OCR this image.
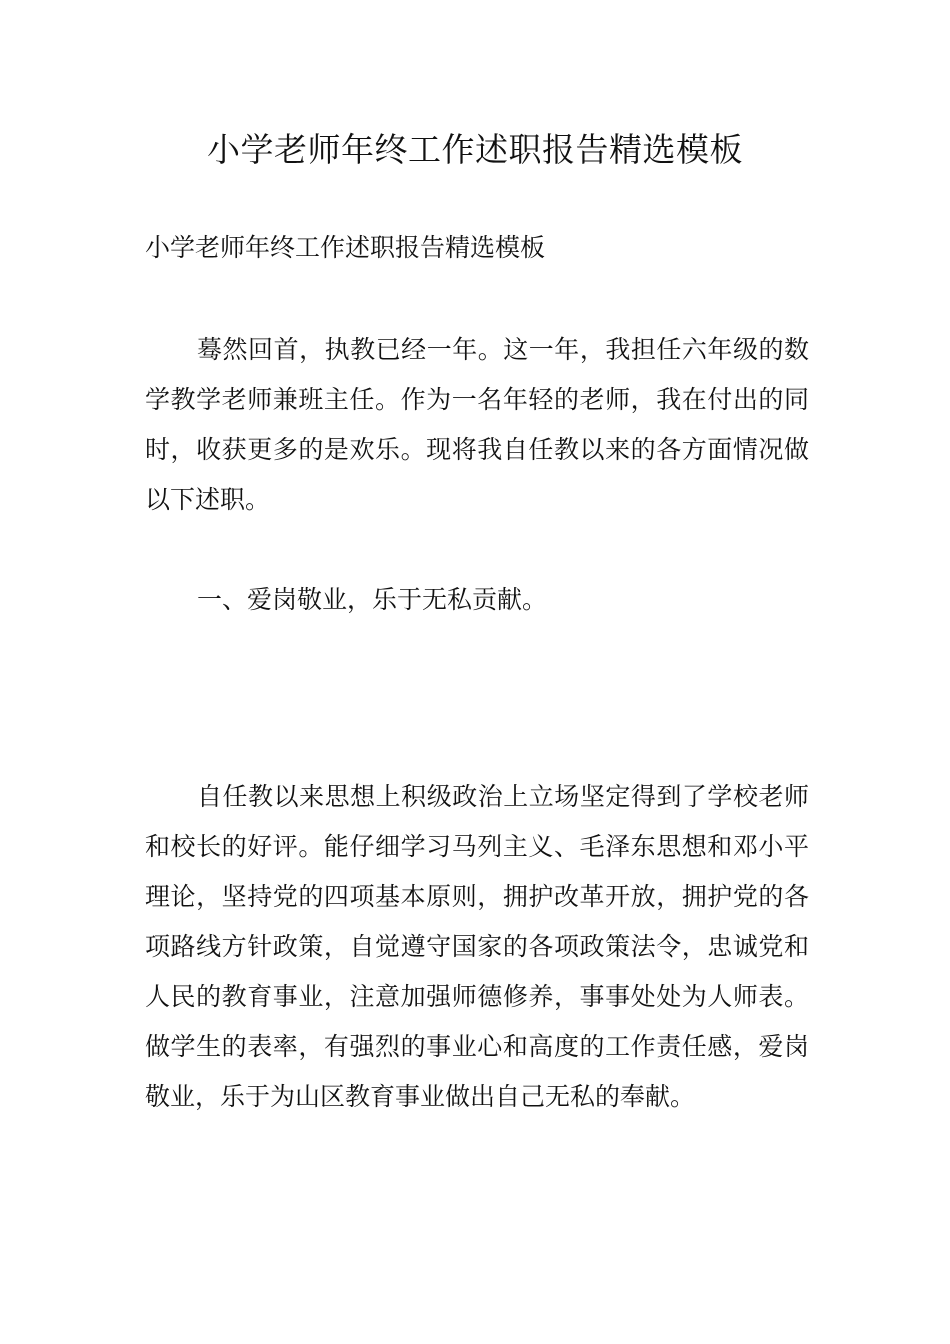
小学老师年终工作述职报告精选模板

小学老师年终工作述职报告精选模板

蓦然回首，执教已经一年。这一年，我担任六年级的数学教学老师兼班主任。作为一名年轻的老师，我在付出的同时，收获更多的是欢乐。现将我自任教以来的各方面情况做以下述职。

一、爱岗敬业，乐于无私贡献。

自任教以来思想上积级政治上立场坚定得到了学校老师和校长的好评。能仔细学习马列主义、毛泽东思想和邓小平理论，坚持党的四项基本原则，拥护改革开放，拥护党的各项路线方针政策，自觉遵守国家的各项政策法令，忠诚党和人民的教育事业，注意加强师德修养，事事处处为人师表。做学生的表率，有强烈的事业心和高度的工作责任感，爱岗敬业，乐于为山区教育事业做出自己无私的奉献。
